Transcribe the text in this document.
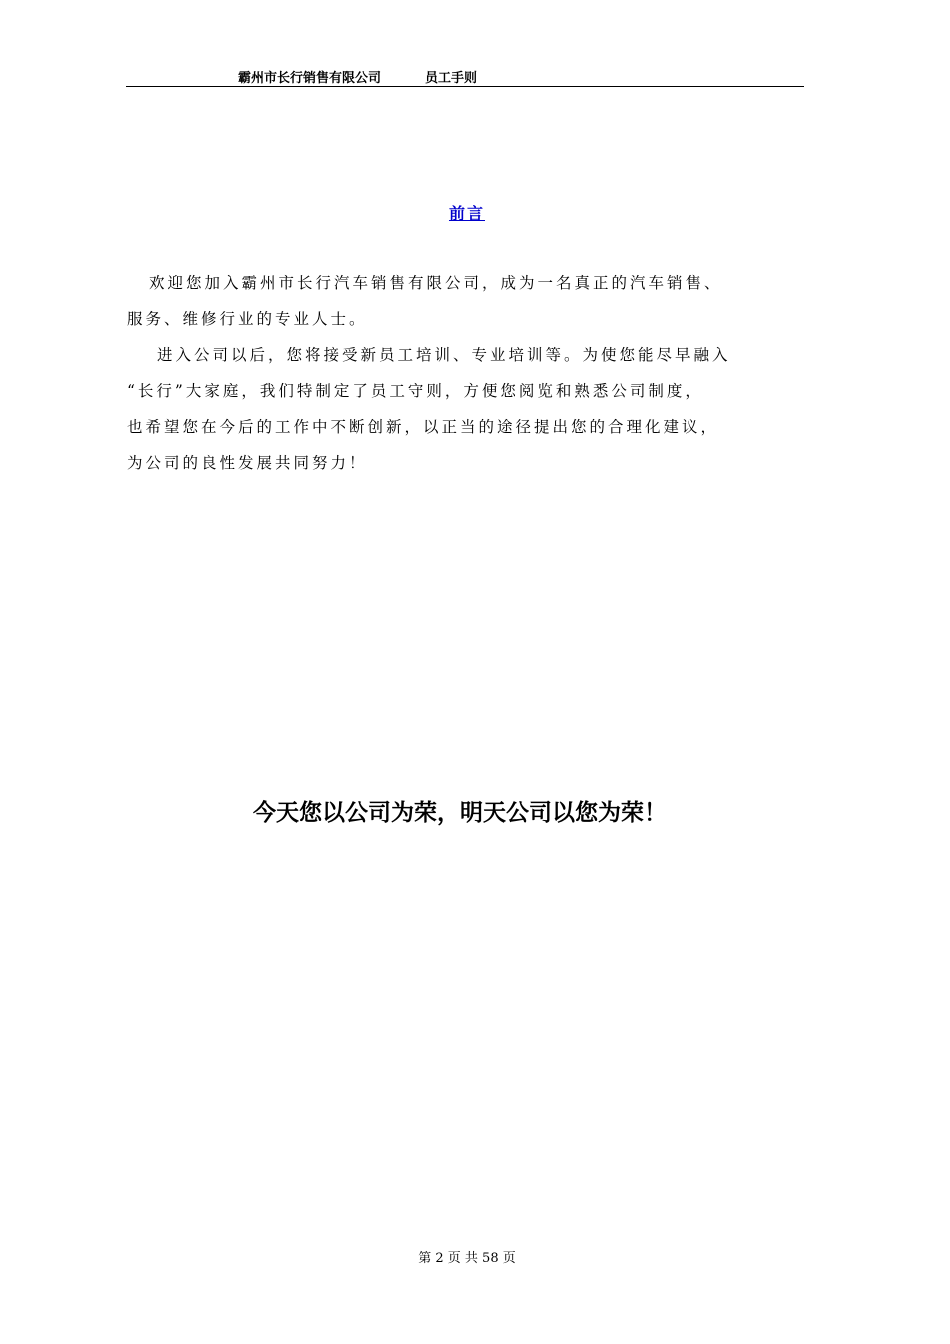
霸州市长行销售有限公司	员工手则
前言
欢迎您加入霸州市长行汽车销售有限公司，成为一名真正的汽车销售、
服务、维修行业的专业人士。
进入公司以后，您将接受新员工培训、专业培训等。为使您能尽早融入
“长行”大家庭，我们特制定了员工守则，方便您阅览和熟悉公司制度，
也希望您在今后的工作中不断创新，以正当的途径提出您的合理化建议，
为公司的良性发展共同努力！
今天您以公司为荣，明天公司以您为荣！
第 2 页 共 58 页
